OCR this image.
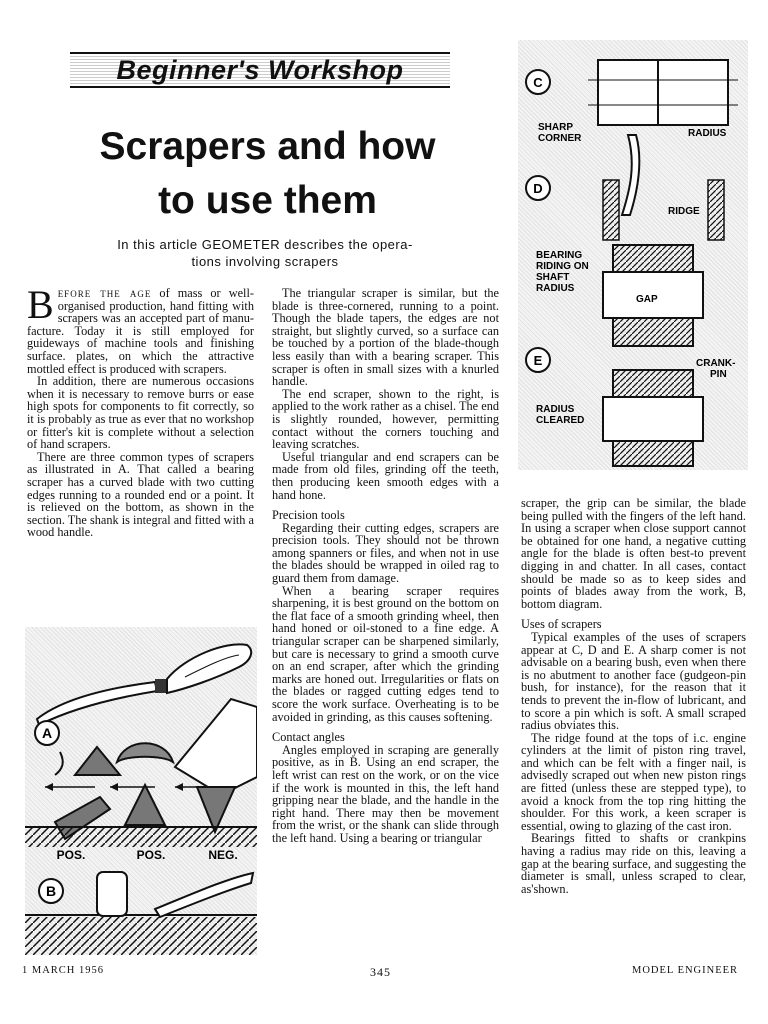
Beginner's Workshop
Scrapers and how
to use them
In this article GEOMETER describes the opera-
tions involving scrapers

Before the age of mass or well-organised production, hand fitting with scrapers was an accepted part of manu-facture. Today it is still employed for guideways of machine tools and finishing surface. plates, on which the attractive mottled effect is produced with scrapers.

In addition, there are numerous occasions when it is necessary to remove burrs or ease high spots for components to fit correctly, so it is probably as true as ever that no workshop or fitter's kit is complete without a selection of hand scrapers.

There are three common types of scrapers as illustrated in A. That called a bearing scraper has a curved blade with two cutting edges running to a rounded end or a point. It is relieved on the bottom, as shown in the section. The shank is integral and fitted with a wood handle.

The triangular scraper is similar, but the blade is three-cornered, running to a point. Though the blade tapers, the edges are not straight, but slightly curved, so a surface can be touched by a portion of the blade-though less easily than with a bearing scraper. This scraper is often in small sizes with a knurled handle.

The end scraper, shown to the right, is applied to the work rather as a chisel. The end is slightly rounded, however, permitting contact without the corners touching and leaving scratches.

Useful triangular and end scrapers can be made from old files, grinding off the teeth, then producing keen smooth edges with a hand hone.

Precision tools

Regarding their cutting edges, scrapers are precision tools. They should not be thrown among spanners or files, and when not in use the blades should be wrapped in oiled rag to guard them from damage.

When a bearing scraper requires sharpening, it is best ground on the bottom on the flat face of a smooth grinding wheel, then hand honed or oil-stoned to a fine edge. A triangular scraper can be sharpened similarly, but care is necessary to grind a smooth curve on an end scraper, after which the grinding marks are honed out. Irregularities or flats on the blades or ragged cutting edges tend to score the work surface. Overheating is to be avoided in grinding, as this causes softening.

Contact angles

Angles employed in scraping are generally positive, as in B. Using an end scraper, the left wrist can rest on the work, or on the vice if the work is mounted in this, the left hand gripping near the blade, and the handle in the right hand. There may then be movement from the wrist, or the shank can slide through the left hand. Using a bearing or triangular

scraper, the grip can be similar, the blade being pulled with the fingers of the left hand. In using a scraper when close support cannot be obtained for one hand, a negative cutting angle for the blade is often best-to prevent digging in and chatter. In all cases, contact should be made so as to keep sides and points of blades away from the work, B, bottom diagram.

Uses of scrapers

Typical examples of the uses of scrapers appear at C, D and E. A sharp comer is not advisable on a bearing bush, even when there is no abutment to another face (gudgeon-pin bush, for instance), for the reason that it tends to prevent the in-flow of lubricant, and to score a pin which is soft. A small scraped radius obviates this.

The ridge found at the tops of i.c. engine cylinders at the limit of piston ring travel, and which can be felt with a finger nail, is advisedly scraped out when new piston rings are fitted (unless these are stepped type), to avoid a knock from the top ring hitting the shoulder. For this work, a keen scraper is essential, owing to glazing of the cast iron.

Bearings fitted to shafts or crankpins having a radius may ride on this, leaving a gap at the bearing surface, and suggesting the diameter is small, unless scraped to clear, as'shown.

A
POS.	POS.	NEG.
B
C
SHARP
CORNER	RADIUS
D
RIDGE
BEARING
RIDING ON
SHAFT
RADIUS
GAP
E	CRANK-
PIN
RADIUS
CLEARED
1 MARCH 1956	345	MODEL ENGINEER
